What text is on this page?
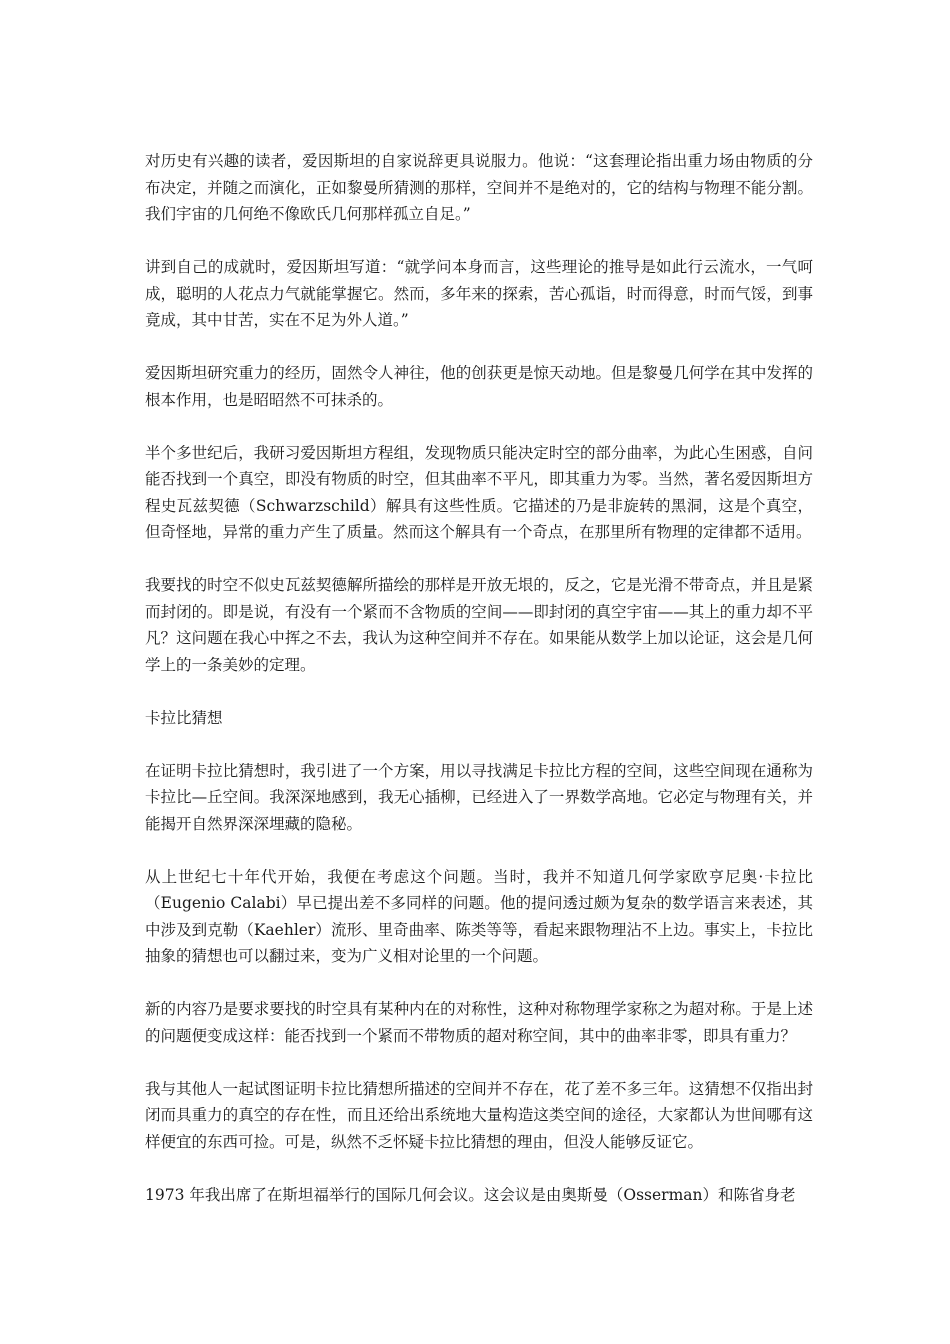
对历史有兴趣的读者，爱因斯坦的自家说辞更具说服力。他说：“这套理论指出重力场由物质的分布决定，并随之而演化，正如黎曼所猜测的那样，空间并不是绝对的，它的结构与物理不能分割。我们宇宙的几何绝不像欧氏几何那样孤立自足。”

讲到自己的成就时，爱因斯坦写道：“就学问本身而言，这些理论的推导是如此行云流水，一气呵成，聪明的人花点力气就能掌握它。然而，多年来的探索，苦心孤诣，时而得意，时而气馁，到事竟成，其中甘苦，实在不足为外人道。”

爱因斯坦研究重力的经历，固然令人神往，他的创获更是惊天动地。但是黎曼几何学在其中发挥的根本作用，也是昭昭然不可抹杀的。

半个多世纪后，我研习爱因斯坦方程组，发现物质只能决定时空的部分曲率，为此心生困惑，自问能否找到一个真空，即没有物质的时空，但其曲率不平凡，即其重力为零。当然，著名爱因斯坦方程史瓦兹契德（Schwarzschild）解具有这些性质。它描述的乃是非旋转的黑洞，这是个真空，但奇怪地，异常的重力产生了质量。然而这个解具有一个奇点，在那里所有物理的定律都不适用。

我要找的时空不似史瓦兹契德解所描绘的那样是开放无垠的，反之，它是光滑不带奇点，并且是紧而封闭的。即是说，有没有一个紧而不含物质的空间——即封闭的真空宇宙——其上的重力却不平凡？这问题在我心中挥之不去，我认为这种空间并不存在。如果能从数学上加以论证，这会是几何学上的一条美妙的定理。

卡拉比猜想

在证明卡拉比猜想时，我引进了一个方案，用以寻找满足卡拉比方程的空间，这些空间现在通称为卡拉比—丘空间。我深深地感到，我无心插柳，已经进入了一界数学高地。它必定与物理有关，并能揭开自然界深深埋藏的隐秘。

从上世纪七十年代开始，我便在考虑这个问题。当时，我并不知道几何学家欧亨尼奥·卡拉比（Eugenio Calabi）早已提出差不多同样的问题。他的提问透过颇为复杂的数学语言来表述，其中涉及到克勒（Kaehler）流形、里奇曲率、陈类等等，看起来跟物理沾不上边。事实上，卡拉比抽象的猜想也可以翻过来，变为广义相对论里的一个问题。

新的内容乃是要求要找的时空具有某种内在的对称性，这种对称物理学家称之为超对称。于是上述的问题便变成这样：能否找到一个紧而不带物质的超对称空间，其中的曲率非零，即具有重力？

我与其他人一起试图证明卡拉比猜想所描述的空间并不存在，花了差不多三年。这猜想不仅指出封闭而具重力的真空的存在性，而且还给出系统地大量构造这类空间的途径，大家都认为世间哪有这样便宜的东西可捡。可是，纵然不乏怀疑卡拉比猜想的理由，但没人能够反证它。

1973 年我出席了在斯坦福举行的国际几何会议。这会议是由奥斯曼（Osserman）和陈省身老
